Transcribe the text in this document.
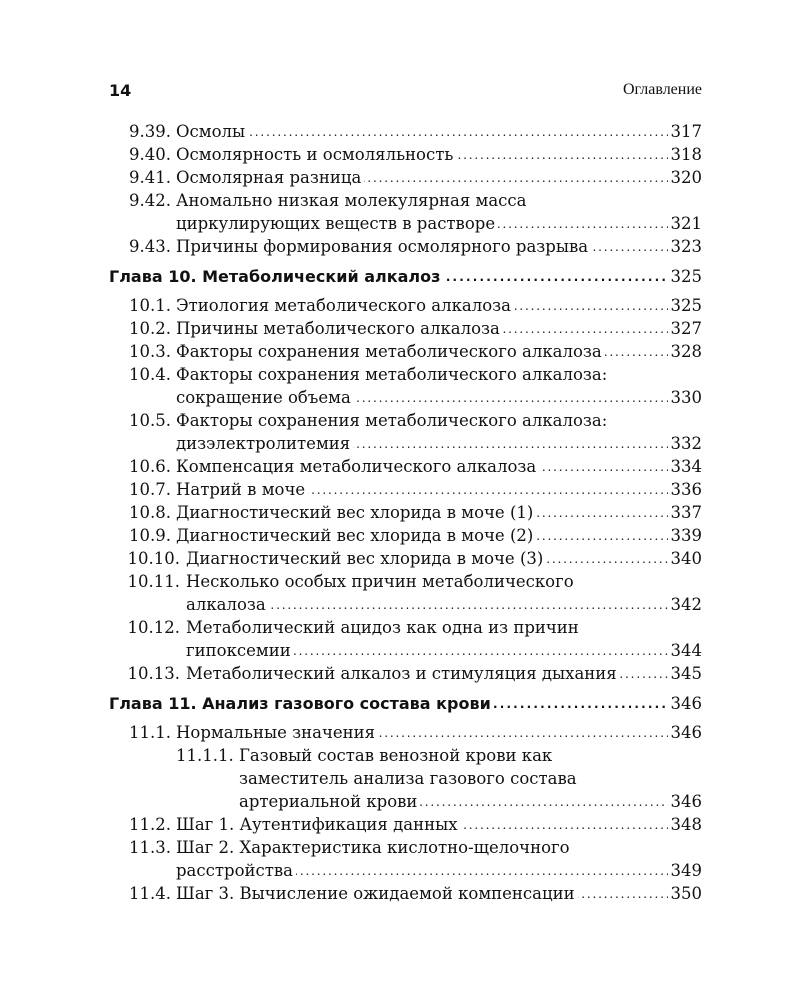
14	Оглавление
9.39. Осмолы . . .	317
9.40. Осмолярность и осмоляльность . . .	318
9.41. Осмолярная разница . . .	320
9.42. Аномально низкая молекулярная масса
циркулирующих веществ в растворе . . .	321
9.43. Причины формирования осмолярного разрыва . . .	323
Глава 10. Метаболический алкалоз . . .	325
10.1. Этиология метаболического алкалоза . . .	325
10.2. Причины метаболического алкалоза . . .	327
10.3. Факторы сохранения метаболического алкалоза . . .	328
10.4. Факторы сохранения метаболического алкалоза:
сокращение объема . . .	330
10.5. Факторы сохранения метаболического алкалоза:
дизэлектролитемия . . .	332
10.6. Компенсация метаболического алкалоза . . .	334
10.7. Натрий в моче . . .	336
10.8. Диагностический вес хлорида в моче (1) . . .	337
10.9. Диагностический вес хлорида в моче (2) . . .	339
10.10. Диагностический вес хлорида в моче (3) . . .	340
10.11. Несколько особых причин метаболического
алкалоза . . .	342
10.12. Метаболический ацидоз как одна из причин
гипоксемии . . .	344
10.13. Метаболический алкалоз и стимуляция дыхания . . .	345
Глава 11. Анализ газового состава крови . . .	346
11.1. Нормальные значения . . .	346
11.1.1. Газовый состав венозной крови как
заместитель анализа газового состава
артериальной крови . . .	346
11.2. Шаг 1. Аутентификация данных . . .	348
11.3. Шаг 2. Характеристика кислотно-щелочного
расстройства . . .	349
11.4. Шаг 3. Вычисление ожидаемой компенсации . . .	350
